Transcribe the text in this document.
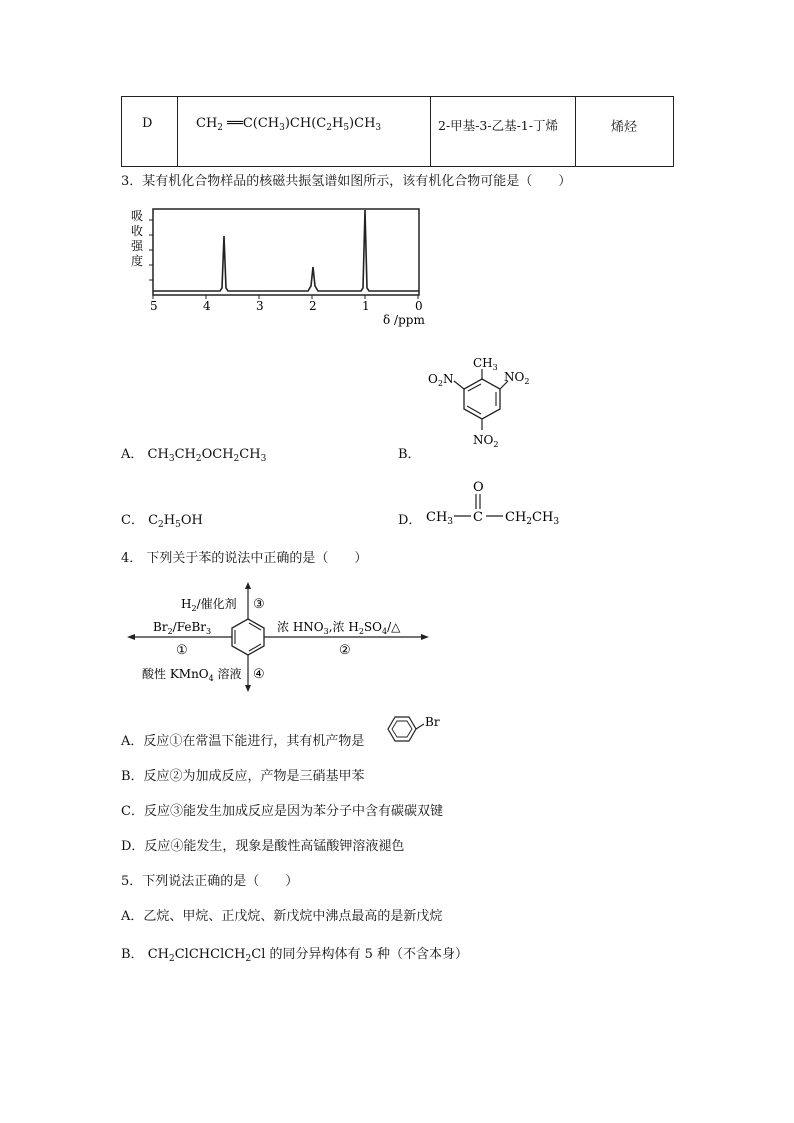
D	$CH_2$ $══C(CH_3)CH(C_2H_5)CH_3$	2-甲基-3-乙基-1-丁烯	烯烃
3．某有机化合物样品的核磁共振氢谱如图所示，该有机化合物可能是（　　）
吸
收
强
度
5	4	3	2	1	0
δ /ppm
$CH_3$
$O_2N$	$NO_2$
$NO_2$
A． $CH_3CH_2OCH_2CH_3$	B．
C． $C_2H_5OH$	D． $CH_3$ C
O
$CH_2CH_3$
4． 下列关于苯的说法中正确的是（　　）
$H_2/$催化剂 ③
$Br_2/FeBr_3$
①
浓 $HNO_3$,浓 $H_2SO_4/\triangle$
②
酸性 KMnO$_4$ 溶液 ④
A．反应①在常温下能进行，其有机产物是
Br
B．反应②为加成反应，产物是三硝基甲苯
C．反应③能发生加成反应是因为苯分子中含有碳碳双键
D．反应④能发生，现象是酸性高锰酸钾溶液褪色
5．下列说法正确的是（　　）
A．乙烷、甲烷、正戊烷、新戊烷中沸点最高的是新戊烷
B． $CH_2ClCHClCH_2Cl$ 的同分异构体有 5 种（不含本身）
